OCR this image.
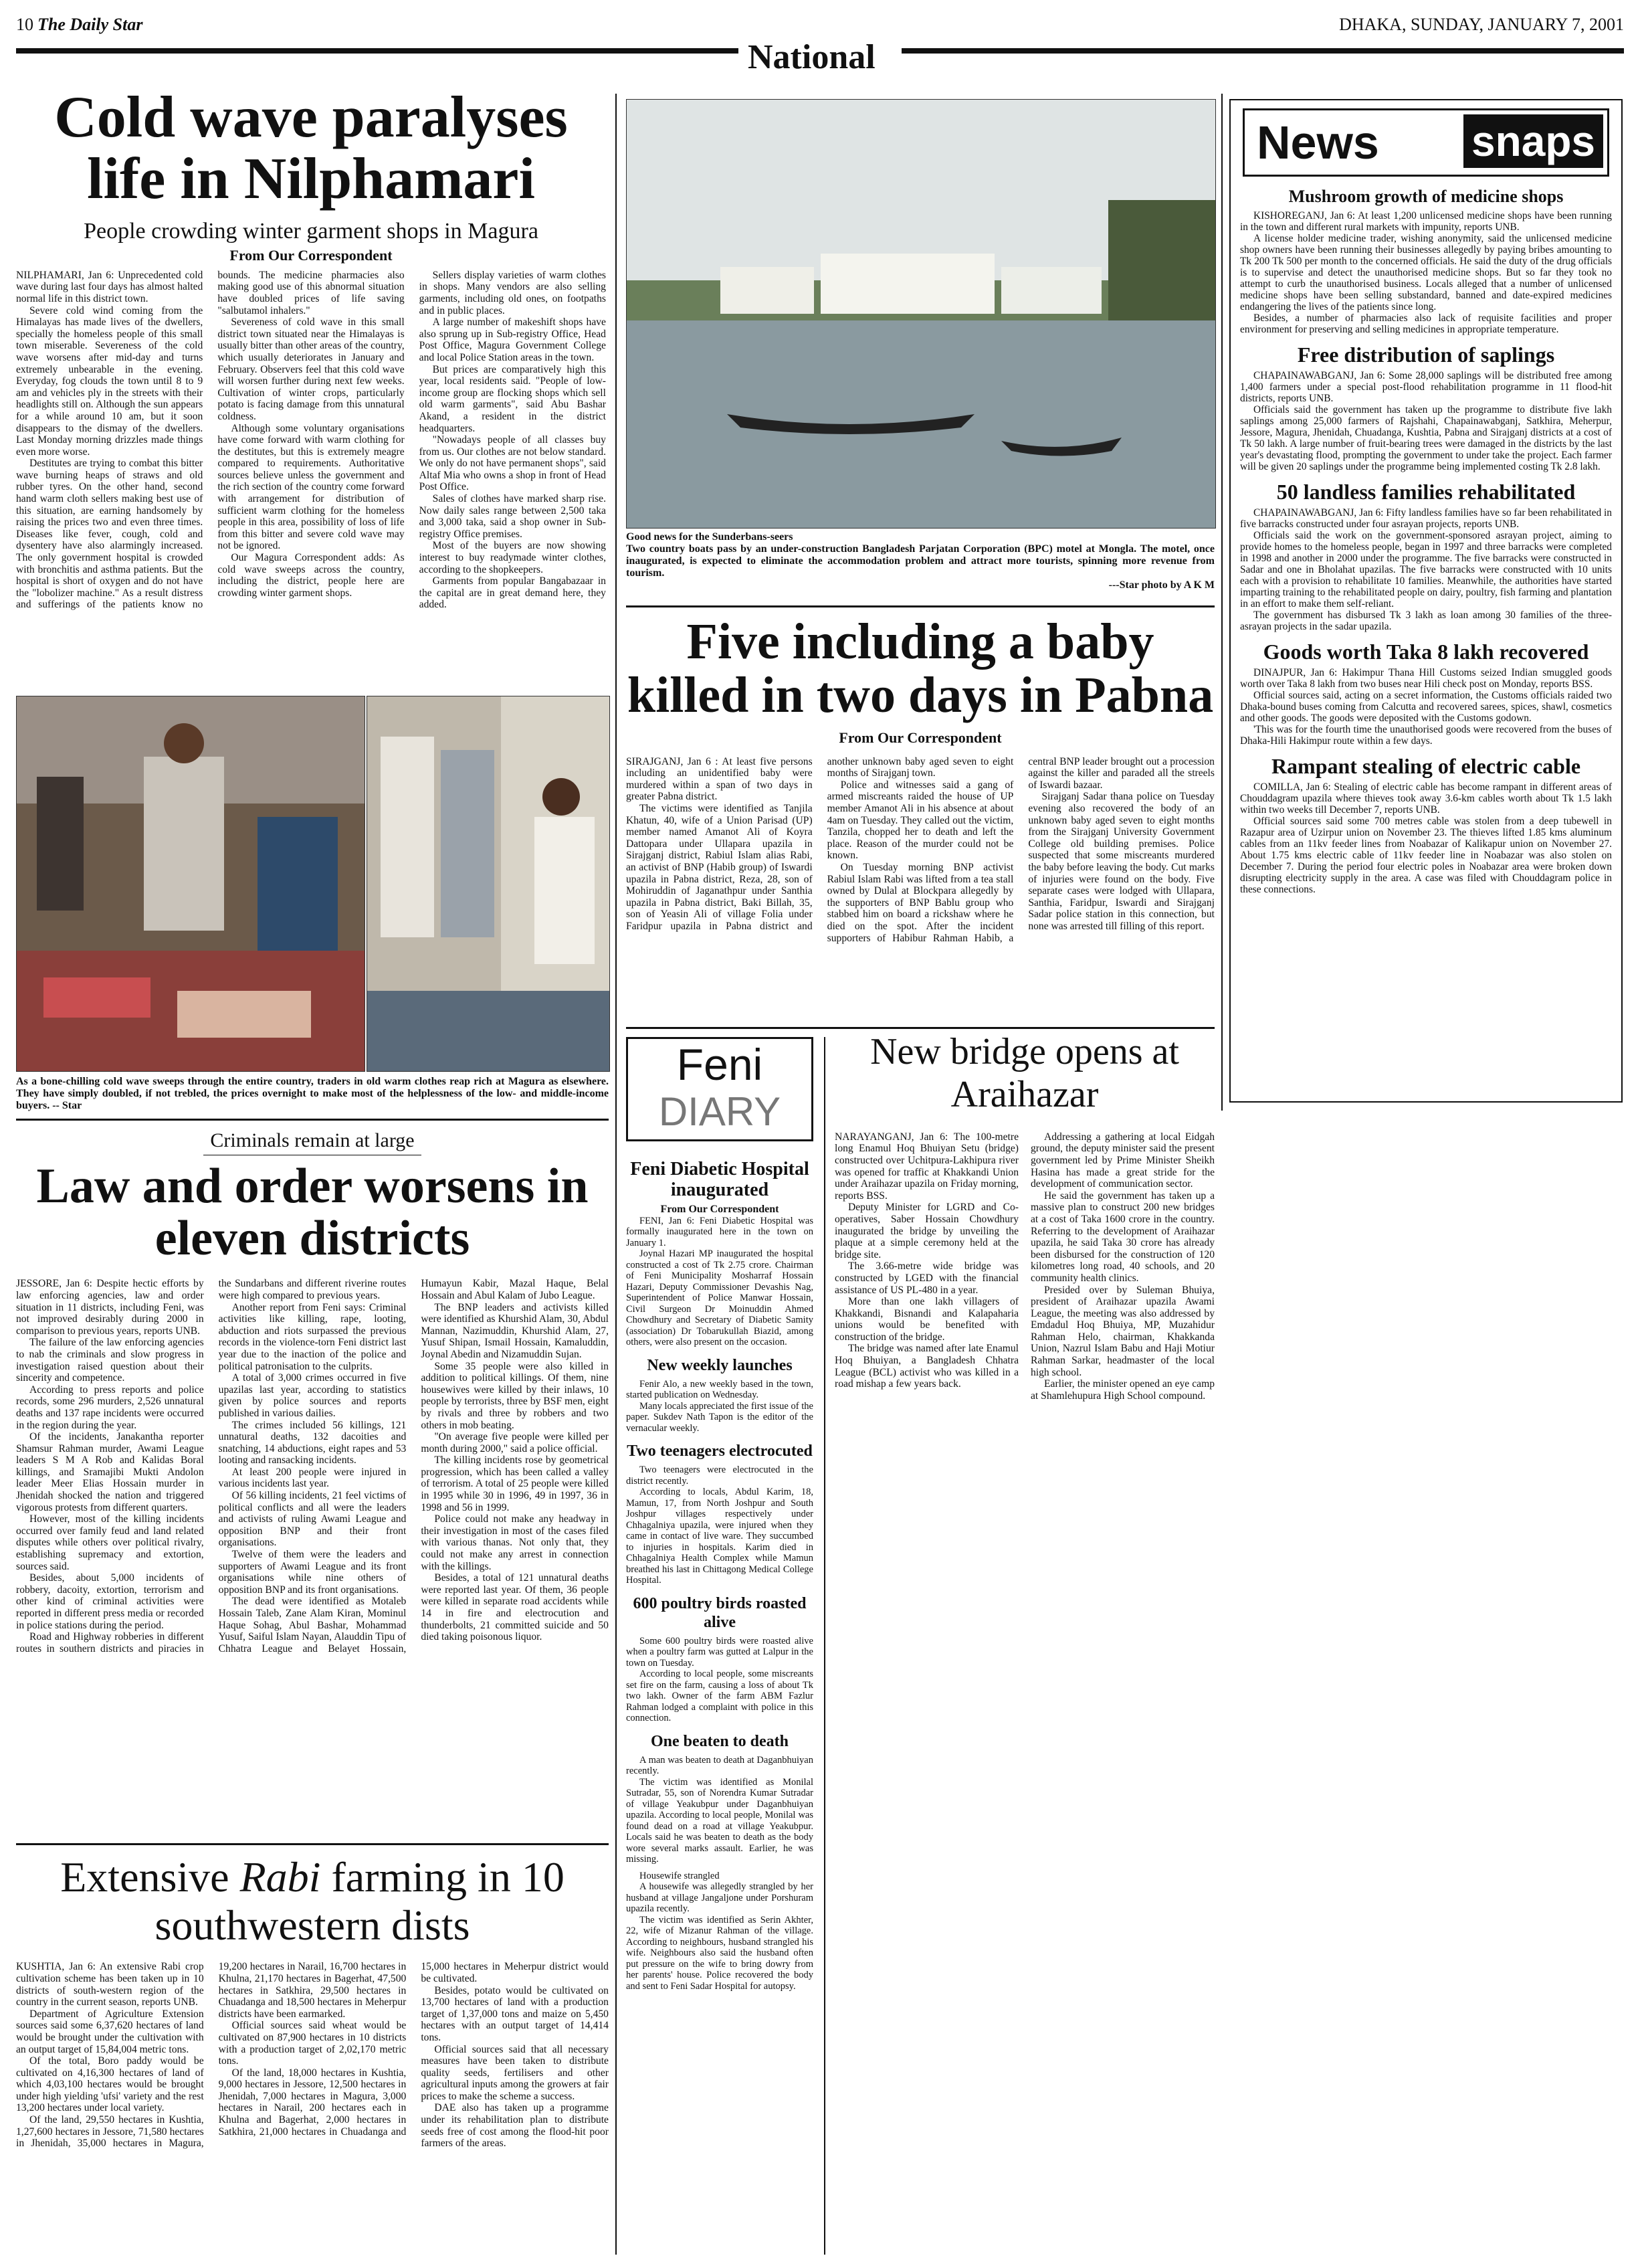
10 The Daily Star	DHAKA, SUNDAY, JANUARY 7, 2001
National
Cold wave paralyses life in Nilphamari

People crowding winter garment shops in Magura

From Our Correspondent

NILPHAMARI, Jan 6: Unprecedented cold wave during last four days has almost halted normal life in this district town.

Severe cold wind coming from the Himalayas has made lives of the dwellers, specially the homeless people of this small town miserable. Severeness of the cold wave worsens after mid-day and turns extremely unbearable in the evening. Everyday, fog clouds the town until 8 to 9 am and vehicles ply in the streets with their headlights still on. Although the sun appears for a while around 10 am, but it soon disappears to the dismay of the dwellers. Last Monday morning drizzles made things even more worse.

Destitutes are trying to combat this bitter wave burning heaps of straws and old rubber tyres. On the other hand, second hand warm cloth sellers making best use of this situation, are earning handsomely by raising the prices two and even three times. Diseases like fever, cough, cold and dysentery have also alarmingly increased. The only government hospital is crowded with bronchitis and asthma patients. But the hospital is short of oxygen and do not have the "lobolizer machine." As a result distress and sufferings of the patients know no bounds. The medicine pharmacies also making good use of this abnormal situation have doubled prices of life saving "salbutamol inhalers."

Severeness of cold wave in this small district town situated near the Himalayas is usually bitter than other areas of the country, which usually deteriorates in January and February. Observers feel that this cold wave will worsen further during next few weeks. Cultivation of winter crops, particularly potato is facing damage from this unnatural coldness.

Although some voluntary organisations have come forward with warm clothing for the destitutes, but this is extremely meagre compared to requirements. Authoritative sources believe unless the government and the rich section of the country come forward with arrangement for distribution of sufficient warm clothing for the homeless people in this area, possibility of loss of life from this bitter and severe cold wave may not be ignored.

Our Magura Correspondent adds: As cold wave sweeps across the country, including the district, people here are crowding winter garment shops.

Sellers display varieties of warm clothes in shops. Many vendors are also selling garments, including old ones, on footpaths and in public places.

A large number of makeshift shops have also sprung up in Sub-registry Office, Head Post Office, Magura Government College and local Police Station areas in the town.

But prices are comparatively high this year, local residents said. "People of low-income group are flocking shops which sell old warm garments", said Abu Bashar Akand, a resident in the district headquarters.

"Nowadays people of all classes buy from us. Our clothes are not below standard. We only do not have permanent shops", said Altaf Mia who owns a shop in front of Head Post Office.

Sales of clothes have marked sharp rise. Now daily sales range between 2,500 taka and 3,000 taka, said a shop owner in Sub-registry Office premises.

Most of the buyers are now showing interest to buy readymade winter clothes, according to the shopkeepers.

Garments from popular Bangabazaar in the capital are in great demand here, they added.

As a bone-chilling cold wave sweeps through the entire country, traders in old warm clothes reap rich at Magura as elsewhere. They have simply doubled, if not trebled, the prices overnight to make most of the helplessness of the low- and middle-income buyers. -- Star

Criminals remain at large

Law and order worsens in eleven districts

JESSORE, Jan 6: Despite hectic efforts by law enforcing agencies, law and order situation in 11 districts, including Feni, was not improved desirably during 2000 in comparison to previous years, reports UNB.

The failure of the law enforcing agencies to nab the criminals and slow progress in investigation raised question about their sincerity and competence.

According to press reports and police records, some 296 murders, 2,526 unnatural deaths and 137 rape incidents were occurred in the region during the year.

Of the incidents, Janakantha reporter Shamsur Rahman murder, Awami League leaders S M A Rob and Kalidas Boral killings, and Sramajibi Mukti Andolon leader Meer Elias Hossain murder in Jhenidah shocked the nation and triggered vigorous protests from different quarters.

However, most of the killing incidents occurred over family feud and land related disputes while others over political rivalry, establishing supremacy and extortion, sources said.

Besides, about 5,000 incidents of robbery, dacoity, extortion, terrorism and other kind of criminal activities were reported in different press media or recorded in police stations during the period.

Road and Highway robberies in different routes in southern districts and piracies in the Sundarbans and different riverine routes were high compared to previous years.

Another report from Feni says: Criminal activities like killing, rape, looting, abduction and riots surpassed the previous records in the violence-torn Feni district last year due to the inaction of the police and political patronisation to the culprits.

A total of 3,000 crimes occurred in five upazilas last year, according to statistics given by police sources and reports published in various dailies.

The crimes included 56 killings, 121 unnatural deaths, 132 dacoities and snatching, 14 abductions, eight rapes and 53 looting and ransacking incidents.

At least 200 people were injured in various incidents last year.

Of 56 killing incidents, 21 feel victims of political conflicts and all were the leaders and activists of ruling Awami League and opposition BNP and their front organisations.

Twelve of them were the leaders and supporters of Awami League and its front organisations while nine others of opposition BNP and its front organisations.

The dead were identified as Motaleb Hossain Taleb, Zane Alam Kiran, Mominul Haque Sohag, Abul Bashar, Mohammad Yusuf, Saiful Islam Nayan, Alauddin Tipu of Chhatra League and Belayet Hossain, Humayun Kabir, Mazal Haque, Belal Hossain and Abul Kalam of Jubo League.

The BNP leaders and activists killed were identified as Khurshid Alam, 30, Abdul Mannan, Nazimuddin, Khurshid Alam, 27, Yusuf Shipan, Ismail Hossain, Kamaluddin, Joynal Abedin and Nizamuddin Sujan.

Some 35 people were also killed in addition to political killings. Of them, nine housewives were killed by their inlaws, 10 people by terrorists, three by BSF men, eight by rivals and three by robbers and two others in mob beating.

"On average five people were killed per month during 2000," said a police official.

The killing incidents rose by geometrical progression, which has been called a valley of terrorism. A total of 25 people were killed in 1995 while 30 in 1996, 49 in 1997, 36 in 1998 and 56 in 1999.

Police could not make any headway in their investigation in most of the cases filed with various thanas. Not only that, they could not make any arrest in connection with the killings.

Besides, a total of 121 unnatural deaths were reported last year. Of them, 36 people were killed in separate road accidents while 14 in fire and electrocution and thunderbolts, 21 committed suicide and 50 died taking poisonous liquor.

Extensive Rabi farming in 10 southwestern dists

KUSHTIA, Jan 6: An extensive Rabi crop cultivation scheme has been taken up in 10 districts of south-western region of the country in the current season, reports UNB.

Department of Agriculture Extension sources said some 6,37,620 hectares of land would be brought under the cultivation with an output target of 15,84,004 metric tons.

Of the total, Boro paddy would be cultivated on 4,16,300 hectares of land of which 4,03,100 hectares would be brought under high yielding 'ufsi' variety and the rest 13,200 hectares under local variety.

Of the land, 29,550 hectares in Kushtia, 1,27,600 hectares in Jessore, 71,580 hectares in Jhenidah, 35,000 hectares in Magura, 19,200 hectares in Narail, 16,700 hectares in Khulna, 21,170 hectares in Bagerhat, 47,500 hectares in Satkhira, 29,500 hectares in Chuadanga and 18,500 hectares in Meherpur districts have been earmarked.

Official sources said wheat would be cultivated on 87,900 hectares in 10 districts with a production target of 2,02,170 metric tons.

Of the land, 18,000 hectares in Kushtia, 9,000 hectares in Jessore, 12,500 hectares in Jhenidah, 7,000 hectares in Magura, 3,000 hectares in Narail, 200 hectares each in Khulna and Bagerhat, 2,000 hectares in Satkhira, 21,000 hectares in Chuadanga and 15,000 hectares in Meherpur district would be cultivated.

Besides, potato would be cultivated on 13,700 hectares of land with a production target of 1,37,000 tons and maize on 5,450 hectares with an output target of 14,414 tons.

Official sources said that all necessary measures have been taken to distribute quality seeds, fertilisers and other agricultural inputs among the growers at fair prices to make the scheme a success.

DAE also has taken up a programme under its rehabilitation plan to distribute seeds free of cost among the flood-hit poor farmers of the areas.

Good news for the Sunderbans-seers
Two country boats pass by an under-construction Bangladesh Parjatan Corporation (BPC) motel at Mongla. The motel, once inaugurated, is expected to eliminate the accommodation problem and attract more tourists, spinning more revenue from tourism.
---Star photo by A K M
Five including a baby killed in two days in Pabna

From Our Correspondent

SIRAJGANJ, Jan 6 : At least five persons including an unidentified baby were murdered within a span of two days in greater Pabna district.

The victims were identified as Tanjila Khatun, 40, wife of a Union Parisad (UP) member named Amanot Ali of Koyra Dattopara under Ullapara upazila in Sirajganj district, Rabiul Islam alias Rabi, an activist of BNP (Habib group) of Iswardi upazila in Pabna district, Reza, 28, son of Mohiruddin of Jaganathpur under Santhia upazila in Pabna district, Baki Billah, 35, son of Yeasin Ali of village Folia under Faridpur upazila in Pabna district and another unknown baby aged seven to eight months of Sirajganj town.

Police and witnesses said a gang of armed miscreants raided the house of UP member Amanot Ali in his absence at about 4am on Tuesday. They called out the victim, Tanzila, chopped her to death and left the place. Reason of the murder could not be known.

On Tuesday morning BNP activist Rabiul Islam Rabi was lifted from a tea stall owned by Dulal at Blockpara allegedly by the supporters of BNP Bablu group who stabbed him on board a rickshaw where he died on the spot. After the incident supporters of Habibur Rahman Habib, a central BNP leader brought out a procession against the killer and paraded all the streels of Iswardi bazaar.

Sirajganj Sadar thana police on Tuesday evening also recovered the body of an unknown baby aged seven to eight months from the Sirajganj University Government College old building premises. Police suspected that some miscreants murdered the baby before leaving the body. Cut marks of injuries were found on the body. Five separate cases were lodged with Ullapara, Santhia, Faridpur, Iswardi and Sirajganj Sadar police station in this connection, but none was arrested till filling of this report.

Feni
DIARY
Feni Diabetic Hospital inaugurated

From Our Correspondent

FENI, Jan 6: Feni Diabetic Hospital was formally inaugurated here in the town on January 1.

Joynal Hazari MP inaugurated the hospital constructed a cost of Tk 2.75 crore. Chairman of Feni Municipality Mosharraf Hossain Hazari, Deputy Commissioner Devashis Nag, Superintendent of Police Manwar Hossain, Civil Surgeon Dr Moinuddin Ahmed Chowdhury and Secretary of Diabetic Samity (association) Dr Tobarukullah Biazid, among others, were also present on the occasion.

New weekly launches

Fenir Alo, a new weekly based in the town, started publication on Wednesday.

Many locals appreciated the first issue of the paper. Sukdev Nath Tapon is the editor of the vernacular weekly.

Two teenagers electrocuted

Two teenagers were electrocuted in the district recently.

According to locals, Abdul Karim, 18, Mamun, 17, from North Joshpur and South Joshpur villages respectively under Chhagalniya upazila, were injured when they came in contact of live ware. They succumbed to injuries in hospitals. Karim died in Chhagalniya Health Complex while Mamun breathed his last in Chittagong Medical College Hospital.

600 poultry birds roasted alive

Some 600 poultry birds were roasted alive when a poultry farm was gutted at Lalpur in the town on Tuesday.

According to local people, some miscreants set fire on the farm, causing a loss of about Tk two lakh. Owner of the farm ABM Fazlur Rahman lodged a complaint with police in this connection.

One beaten to death

A man was beaten to death at Daganbhuiyan recently.

The victim was identified as Monilal Sutradar, 55, son of Norendra Kumar Sutradar of village Yeakubpur under Daganbhuiyan upazila. According to local people, Monilal was found dead on a road at village Yeakubpur. Locals said he was beaten to death as the body wore several marks assault. Earlier, he was missing.

Housewife strangled

A housewife was allegedly strangled by her husband at village Jangaljone under Porshuram upazila recently.

The victim was identified as Serin Akhter, 22, wife of Mizanur Rahman of the village. According to neighbours, husband strangled his wife. Neighbours also said the husband often put pressure on the wife to bring dowry from her parents' house. Police recovered the body and sent to Feni Sadar Hospital for autopsy.

New bridge opens at Araihazar

NARAYANGANJ, Jan 6: The 100-metre long Enamul Hoq Bhuiyan Setu (bridge) constructed over Uchitpura-Lakhipura river was opened for traffic at Khakkandi Union under Araihazar upazila on Friday morning, reports BSS.

Deputy Minister for LGRD and Co-operatives, Saber Hossain Chowdhury inaugurated the bridge by unveiling the plaque at a simple ceremony held at the bridge site.

The 3.66-metre wide bridge was constructed by LGED with the financial assistance of US PL-480 in a year.

More than one lakh villagers of Khakkandi, Bisnandi and Kalapaharia unions would be benefited with construction of the bridge.

The bridge was named after late Enamul Hoq Bhuiyan, a Bangladesh Chhatra League (BCL) activist who was killed in a road mishap a few years back.

Addressing a gathering at local Eidgah ground, the deputy minister said the present government led by Prime Minister Sheikh Hasina has made a great stride for the development of communication sector.

He said the government has taken up a massive plan to construct 200 new bridges at a cost of Taka 1600 crore in the country. Referring to the development of Araihazar upazila, he said Taka 30 crore has already been disbursed for the construction of 120 kilometres long road, 40 schools, and 20 community health clinics.

Presided over by Suleman Bhuiya, president of Araihazar upazila Awami League, the meeting was also addressed by Emdadul Hoq Bhuiya, MP, Muzahidur Rahman Helo, chairman, Khakkanda Union, Nazrul Islam Babu and Haji Motiur Rahman Sarkar, headmaster of the local high school.

Earlier, the minister opened an eye camp at Shamlehupura High School compound.

News snaps
Mushroom growth of medicine shops

KISHOREGANJ, Jan 6: At least 1,200 unlicensed medicine shops have been running in the town and different rural markets with impunity, reports UNB.

A license holder medicine trader, wishing anonymity, said the unlicensed medicine shop owners have been running their businesses allegedly by paying bribes amounting to Tk 200 Tk 500 per month to the concerned officials. He said the duty of the drug officials is to supervise and detect the unauthorised medicine shops. But so far they took no attempt to curb the unauthorised business. Locals alleged that a number of unlicensed medicine shops have been selling substandard, banned and date-expired medicines endangering the lives of the patients since long.

Besides, a number of pharmacies also lack of requisite facilities and proper environment for preserving and selling medicines in appropriate temperature.

Free distribution of saplings

CHAPAINAWABGANJ, Jan 6: Some 28,000 saplings will be distributed free among 1,400 farmers under a special post-flood rehabilitation programme in 11 flood-hit districts, reports UNB.

Officials said the government has taken up the programme to distribute five lakh saplings among 25,000 farmers of Rajshahi, Chapainawabganj, Satkhira, Meherpur, Jessore, Magura, Jhenidah, Chuadanga, Kushtia, Pabna and Sirajganj districts at a cost of Tk 50 lakh. A large number of fruit-bearing trees were damaged in the districts by the last year's devastating flood, prompting the government to under take the project. Each farmer will be given 20 saplings under the programme being implemented costing Tk 2.8 lakh.

50 landless families rehabilitated

CHAPAINAWABGANJ, Jan 6: Fifty landless families have so far been rehabilitated in five barracks constructed under four asrayan projects, reports UNB.

Officials said the work on the government-sponsored asrayan project, aiming to provide homes to the homeless people, began in 1997 and three barracks were completed in 1998 and another in 2000 under the programme. The five barracks were constructed in Sadar and one in Bholahat upazilas. The five barracks were constructed with 10 units each with a provision to rehabilitate 10 families. Meanwhile, the authorities have started imparting training to the rehabilitated people on dairy, poultry, fish farming and plantation in an effort to make them self-reliant.

The government has disbursed Tk 3 lakh as loan among 30 families of the three-asrayan projects in the sadar upazila.

Goods worth Taka 8 lakh recovered

DINAJPUR, Jan 6: Hakimpur Thana Hill Customs seized Indian smuggled goods worth over Taka 8 lakh from two buses near Hili check post on Monday, reports BSS.

Official sources said, acting on a secret information, the Customs officials raided two Dhaka-bound buses coming from Calcutta and recovered sarees, spices, shawl, cosmetics and other goods. The goods were deposited with the Customs godown.

'This was for the fourth time the unauthorised goods were recovered from the buses of Dhaka-Hili Hakimpur route within a few days.

Rampant stealing of electric cable

COMILLA, Jan 6: Stealing of electric cable has become rampant in different areas of Chouddagram upazila where thieves took away 3.6-km cables worth about Tk 1.5 lakh within two weeks till December 7, reports UNB.

Official sources said some 700 metres cable was stolen from a deep tubewell in Razapur area of Uzirpur union on November 23. The thieves lifted 1.85 kms aluminum cables from an 11kv feeder lines from Noabazar of Kalikapur union on November 27. About 1.75 kms electric cable of 11kv feeder line in Noabazar was also stolen on December 7. During the period four electric poles in Noabazar area were broken down disrupting electricity supply in the area. A case was filed with Chouddagram police in these connections.
